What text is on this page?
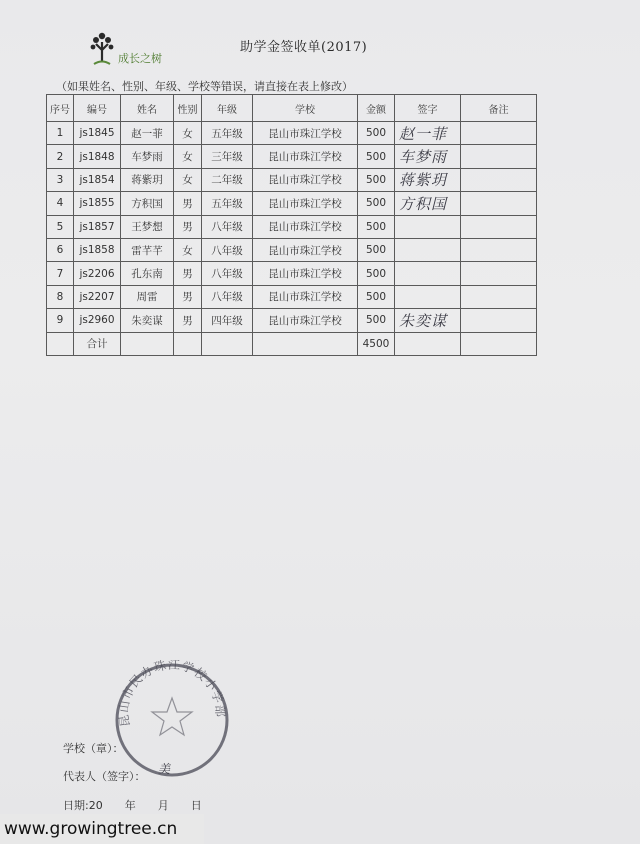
成长之树
助学金签收单(2017)
（如果姓名、性别、年级、学校等错误，请直接在表上修改）
序号	编号	姓名	性别	年级	学校	金额	签字	备注
1	js1845	赵一菲	女	五年级	昆山市珠江学校	500	赵一菲	
2	js1848	车梦雨	女	三年级	昆山市珠江学校	500	车梦雨	
3	js1854	蒋紫玥	女	二年级	昆山市珠江学校	500	蒋紫玥	
4	js1855	方积国	男	五年级	昆山市珠江学校	500	方积国	
5	js1857	王梦想	男	八年级	昆山市珠江学校	500		
6	js1858	雷芊芊	女	八年级	昆山市珠江学校	500		
7	js2206	孔东南	男	八年级	昆山市珠江学校	500		
8	js2207	周雷	男	八年级	昆山市珠江学校	500		
9	js2960	朱奕谋	男	四年级	昆山市珠江学校	500	朱奕谋	
	合计					4500		
昆山市民办珠江学校小学部
学校（章）：
代表人（签字）：
美
日期:20　　年　　月　　日
www.growingtree.cn
